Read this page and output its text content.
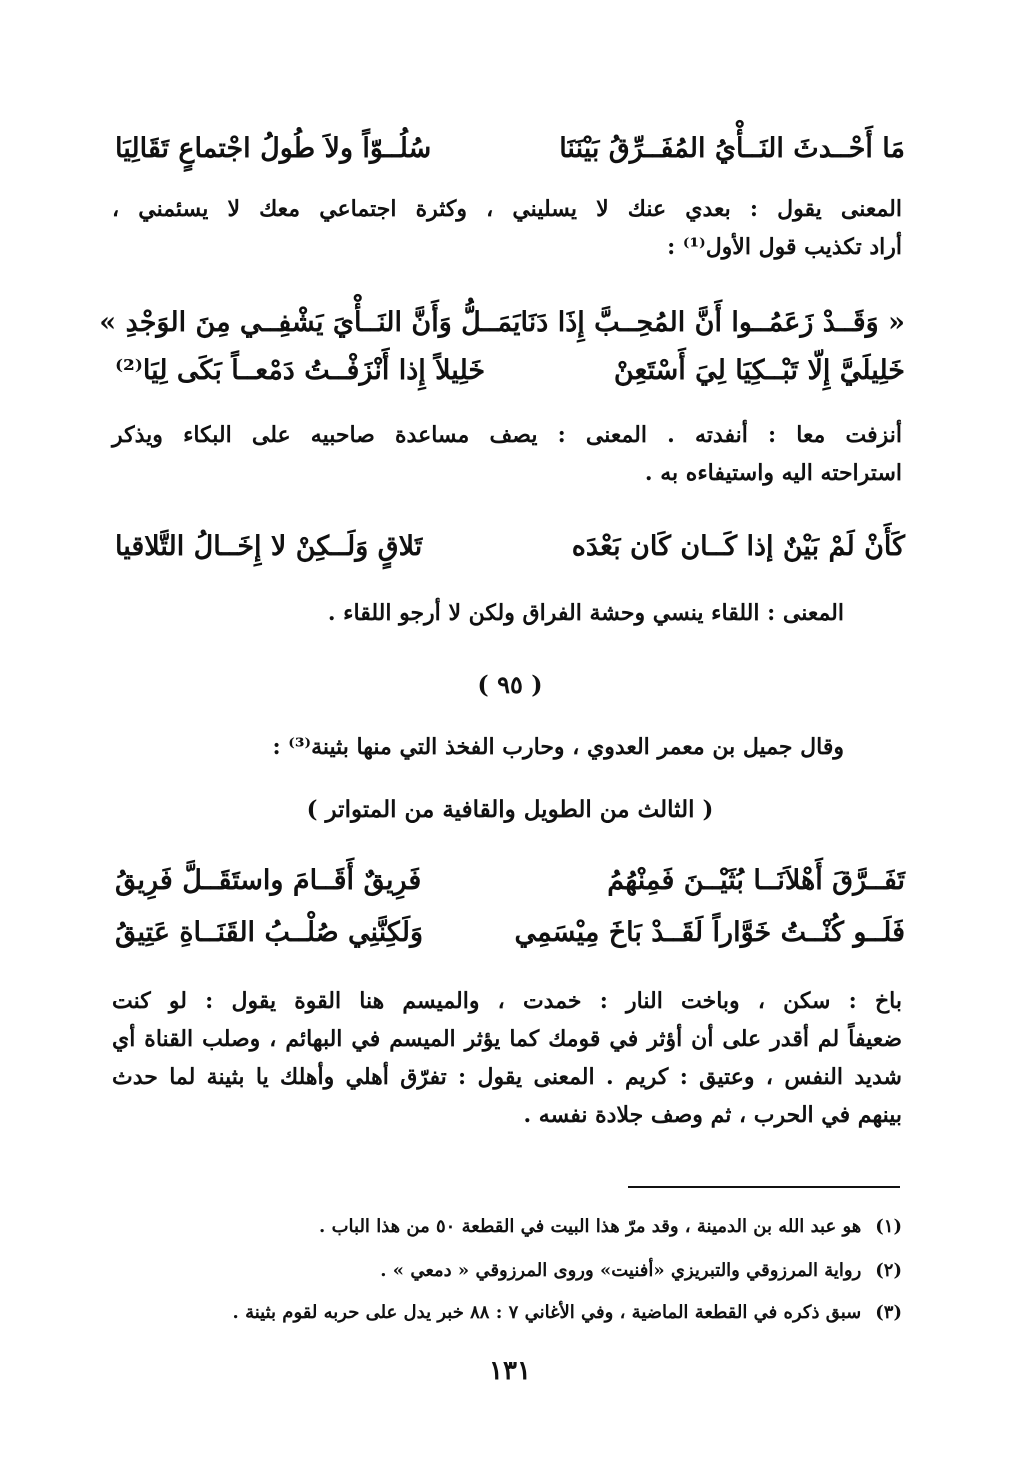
مَا أَحْــدثَ النَــأْيُ المُفَــرِّقُ بَيْنَنَا
سُلُــوّاً ولاَ طُولُ اجْتماعٍ تَقَالِيَا
المعنى يقول : بعدي عنك لا يسليني ، وكثرة اجتماعي معك لا يسئمني ،
أراد تكذيب قول الأول⁽¹⁾ :
« وَقَــدْ زَعَمُــوا أَنَّ المُحِــبَّ إِذَا دَنَا
يَمَــلُّ وَأَنَّ النَــأْيَ يَشْفِــي مِنَ الوَجْدِ »
خَلِيلَيَّ إِلّا تَبْــكِيَا لِيَ أَسْتَعِنْ
خَلِيلاً إِذا أَنْزَفْــتُ دَمْعــاً بَكَى لِيَا⁽²⁾
أنزفت معا : أنفدته . المعنى : يصف مساعدة صاحبيه على البكاء ويذكر
استراحته اليه واستيفاءه به .
كَأَنْ لَمْ بَيْنٌ إذا كَــان كَان بَعْدَه
تَلاقٍ وَلَــكِنْ لا إِخَــالُ التَّلاقيا
المعنى : اللقاء ينسي وحشة الفراق ولكن لا أرجو اللقاء .
( ٩٥ )
وقال جميل بن معمر العدوي ، وحارب الفخذ التي منها بثينة⁽³⁾ :
( الثالث من الطويل والقافية من المتواتر )
تَفَــرَّقَ أَهْلاَنَــا بُثَيْــنَ فَمِنْهُمُ
فَرِيقٌ أَقَــامَ واستَقَــلَّ فَرِيقُ
فَلَــو كُنْــتُ خَوَّاراً لَقَــدْ بَاخَ مِيْسَمِي
وَلَكِنَّنِي صُلْــبُ القَنَــاةِ عَتِيقُ
باخ : سكن ، وباخت النار : خمدت ، والميسم هنا القوة يقول : لو كنت
ضعيفاً لم أقدر على أن أؤثر في قومك كما يؤثر الميسم في البهائم ، وصلب القناة أي
شديد النفس ، وعتيق : كريم . المعنى يقول : تفرّق أهلي وأهلك يا بثينة لما حدث
بينهم في الحرب ، ثم وصف جلادة نفسه .
(١)هو عبد الله بن الدمينة ، وقد مرّ هذا البيت في القطعة ٥٠ من هذا الباب .
(٢)رواية المرزوقي والتبريزي «أفنيت» وروى المرزوقي « دمعي » .
(٣)سبق ذكره في القطعة الماضية ، وفي الأغاني ٧ : ٨٨ خبر يدل على حربه لقوم بثينة .
١٣١
